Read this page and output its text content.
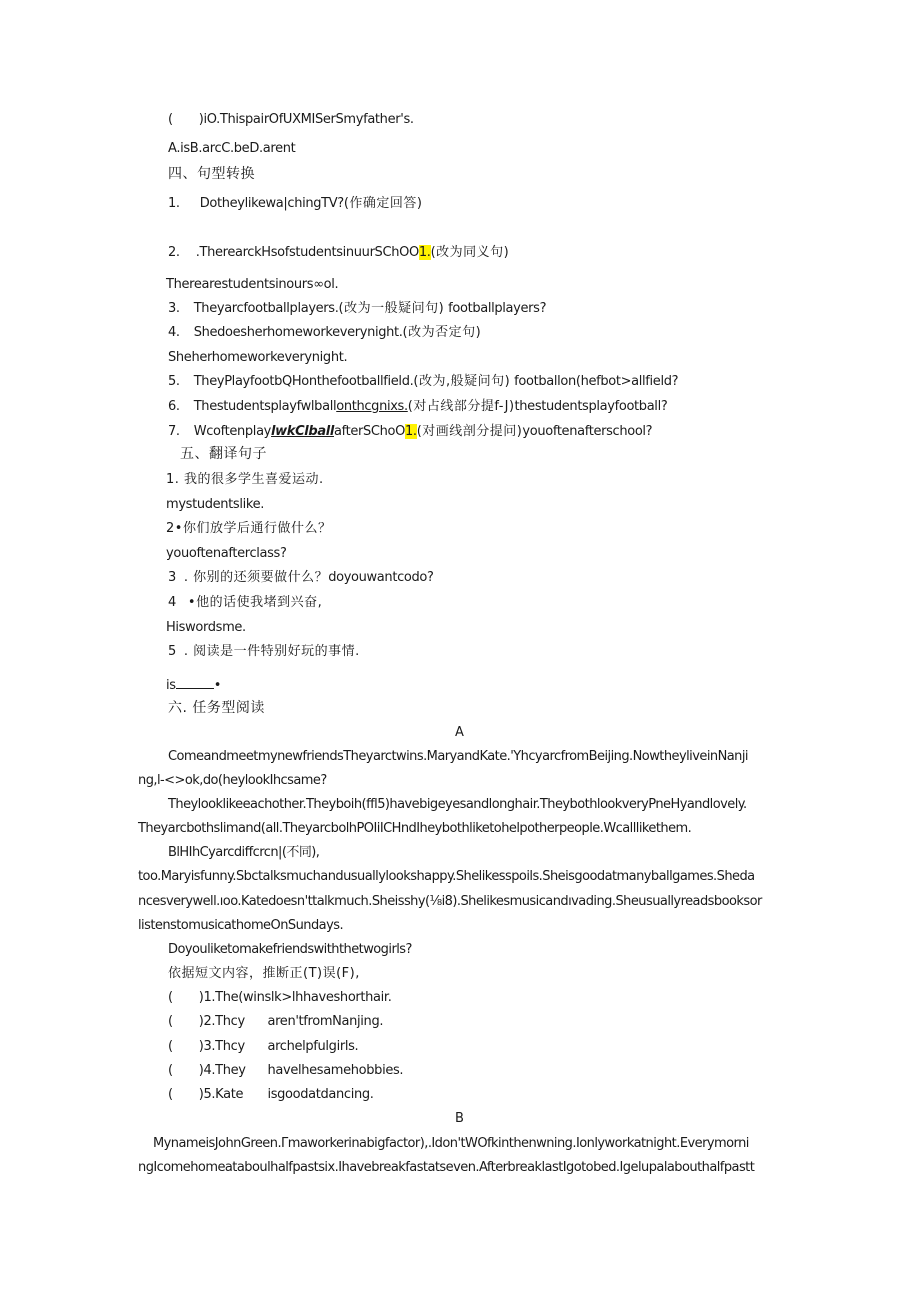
( )iO.ThispairOfUXMISerSmyfather's.
A.isB.arcC.beD.arent
四、句型转换
1. Dotheylikewa|chingTV?(作确定回答)
2. .TherearckHsofstudentsinuurSChOO1.(改为同义句)
Therearestudentsinours∞ol.
3. Theyarcfootballplayers.(改为一般疑问句) footballplayers?
4. Shedoesherhomeworkeverynight.(改为否定句)
Sheherhomeworkeverynight.
5. TheyPlayfootbQHonthefootballfield.(改为,般疑问句) footballon(hefbot>allfield?
6. Thestudentsplayfwlballonthcgnixs.(对占线部分提f-J)thestudentsplayfootball?
7. WcoftenplaylwkClballafterSChoO1.(对画线剖分提问)youoftenafterschool?
五、翻译句子
1. 我的很多学生喜爱运动.
mystudentslike.
2•你们放学后通行做什么？
youoftenafterclass?
3 . 你别的还须要做什么？doyouwantcodo?
4 •他的话使我堵到兴奋,
Hiswordsme.
5 . 阅读是一件特别好玩的事情.
is	•
六. 任务型阅读
A
ComeandmeetmynewfriendsTheyarctwins.MaryandKate.'YhcyarcfromBeijing.NowtheyliveinNanji
ng,l-<>ok,do(heylookIhcsame?
Theylooklikeeachother.Theyboih(ffl5)havebigeyesandlonghair.TheybothlookveryPneHyandlovely.
Theyarcbothslimand(all.TheyarcbolhPOIiICHndIheybothliketohelpotherpeople.Wcalllikethem.
BlHIhCyarcdiffcrcn|(不同),
too.Maryisfunny.Sbctalksmuchandusuallylookshappy.Shelikesspoils.Sheisgoodatmanyballgames.Sheda
ncesverywell.ıoo.Katedoesn'ttalkmuch.Sheisshy(⅛i8).Shelikesmusicandıvading.Sheusuallyreadsbooksor
listenstomusicathomeOnSundays.
Doyouliketomakefriendswiththetwogirls?
依据短文内容，推断正(T)误(F),
( )1.The(winslk>lhhaveshorthair.
( )2.Thcy aren'tfromNanjing.
( )3.Thcy archelpfulgirls.
( )4.They havelhesamehobbies.
( )5.Kate isgoodatdancing.
B
MynameisJohnGreen.Γmaworkerinabigfactor),.Idon'tWOfkinthenwning.Ionlyworkatnight.Everymorni
ngIcomehomeataboulhalfpastsix.Ihavebreakfastatseven.AfterbreaklastIgotobed.Igelupalabouthalfpastt
